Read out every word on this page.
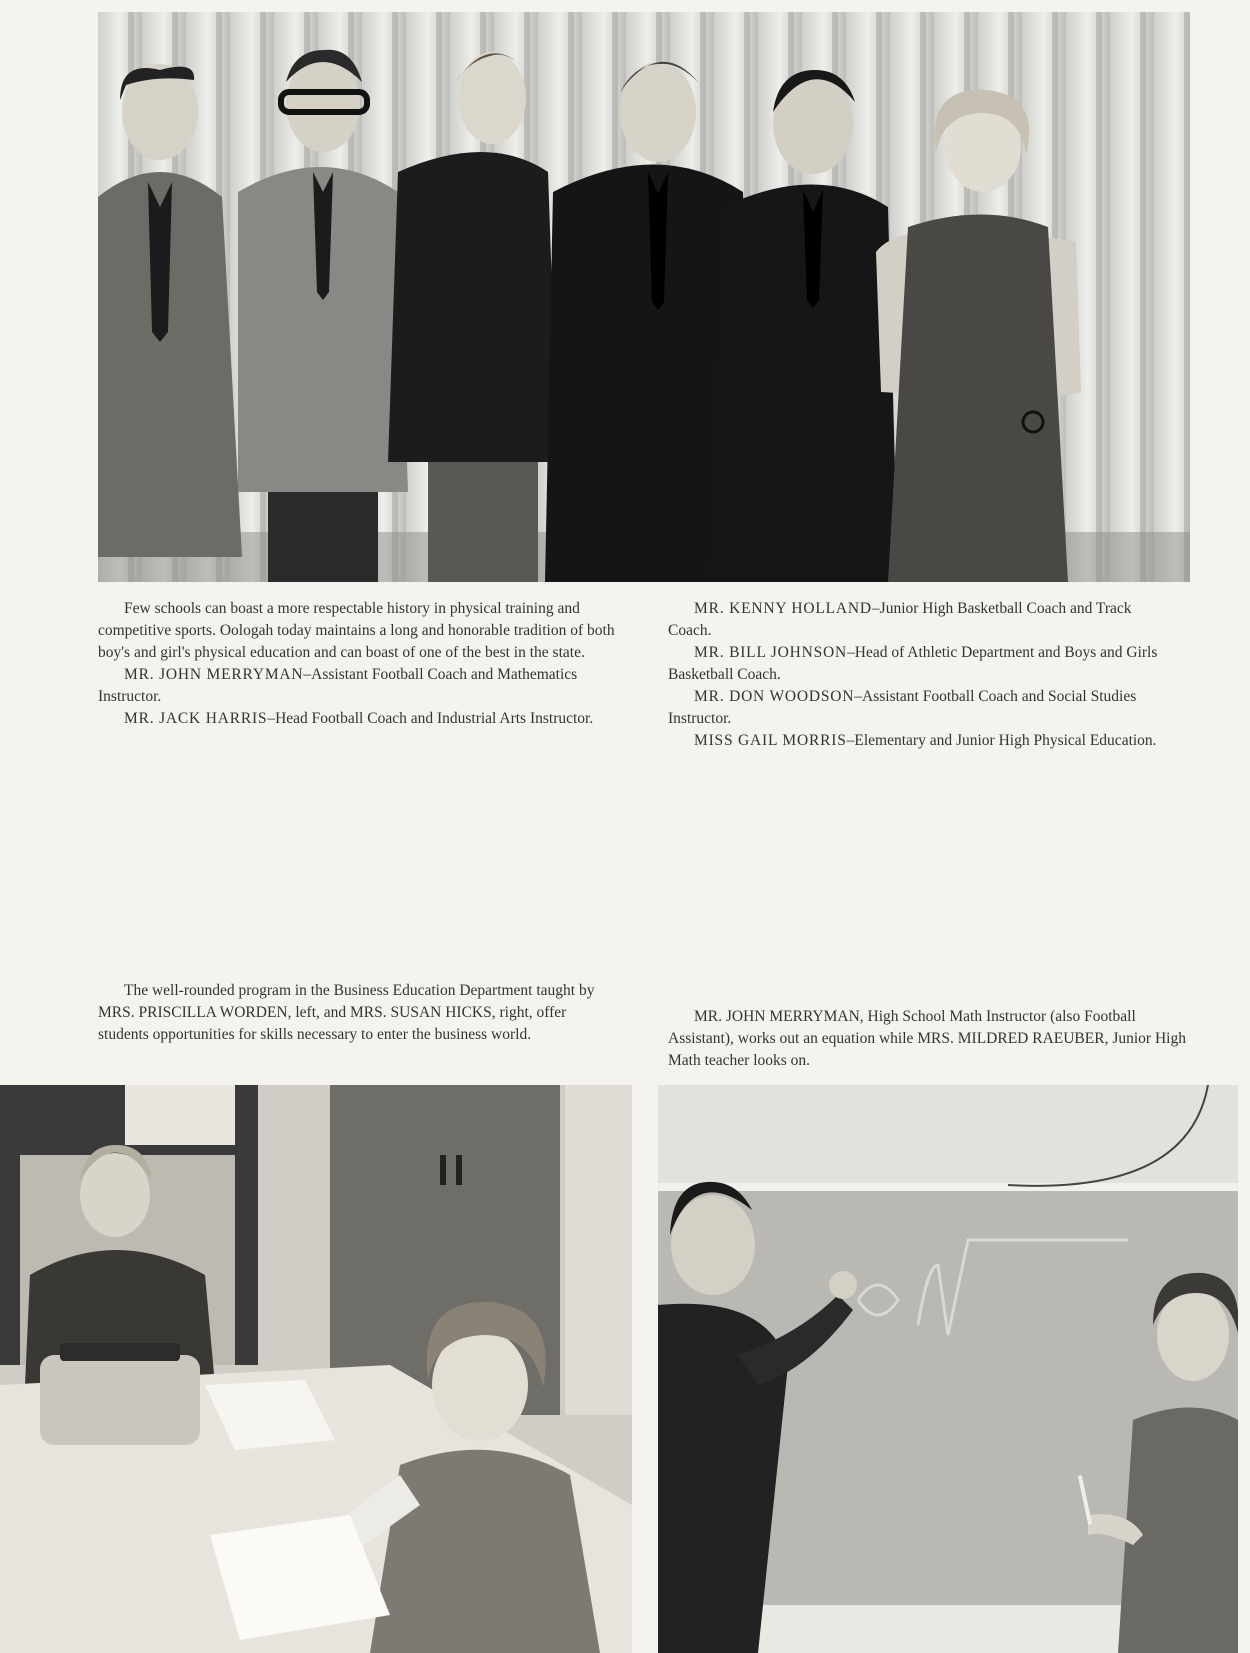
Few schools can boast a more respectable history in physical training and competitive sports. Oologah today maintains a long and honorable tradition of both boy's and girl's physical education and can boast of one of the best in the state.

MR. JOHN MERRYMAN–Assistant Football Coach and Mathematics Instructor.

MR. JACK HARRIS–Head Football Coach and Industrial Arts Instructor.

MR. KENNY HOLLAND–Junior High Basketball Coach and Track Coach.

MR. BILL JOHNSON–Head of Athletic Department and Boys and Girls Basketball Coach.

MR. DON WOODSON–Assistant Football Coach and Social Studies Instructor.

MISS GAIL MORRIS–Elementary and Junior High Physical Education.

The well-rounded program in the Business Education Department taught by MRS. PRISCILLA WORDEN, left, and MRS. SUSAN HICKS, right, offer students opportunities for skills necessary to enter the business world.

MR. JOHN MERRYMAN, High School Math Instructor (also Football Assistant), works out an equation while MRS. MILDRED RAEUBER, Junior High Math teacher looks on.
